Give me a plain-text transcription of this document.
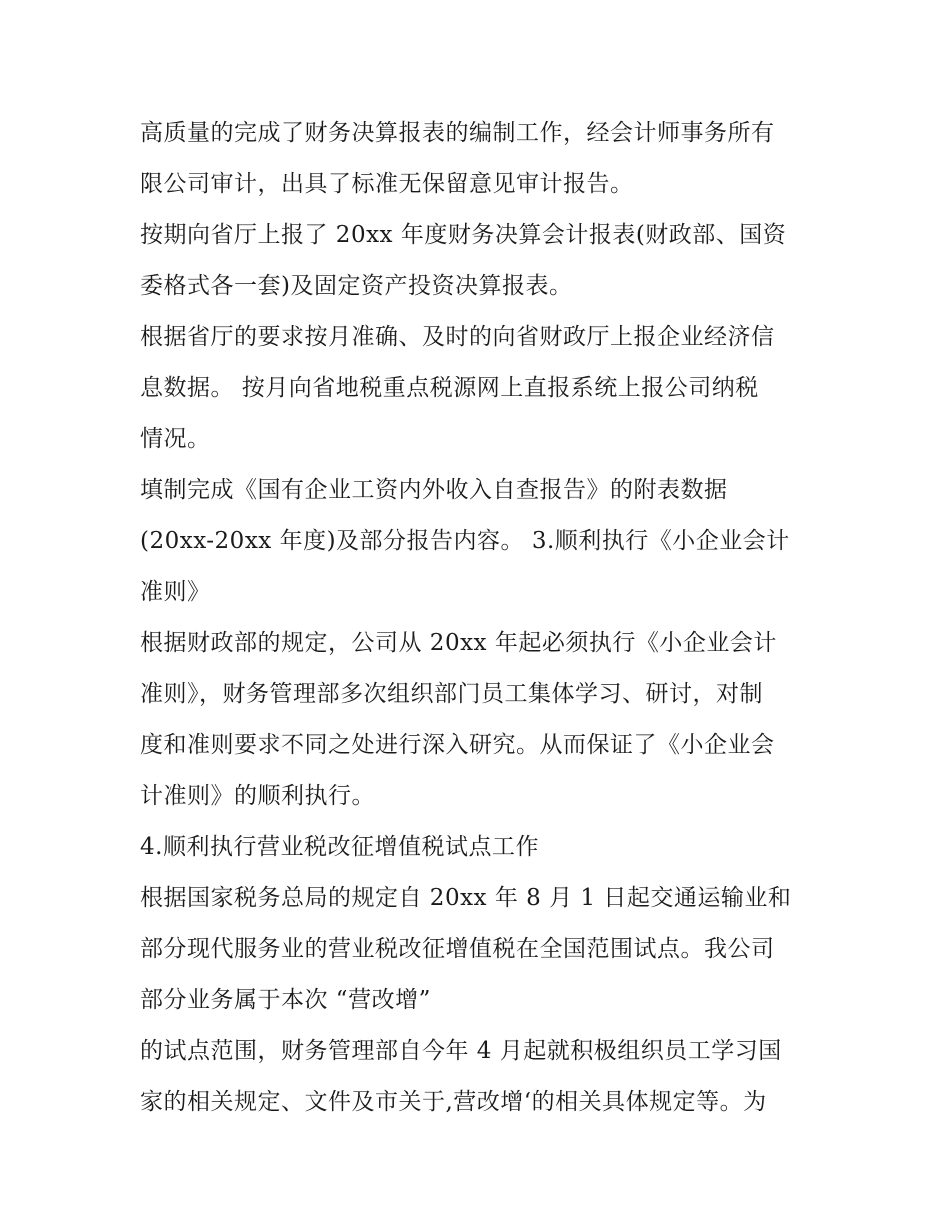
高质量的完成了财务决算报表的编制工作，经会计师事务所有
限公司审计，出具了标准无保留意见审计报告。
按期向省厅上报了 20xx 年度财务决算会计报表(财政部、国资
委格式各一套)及固定资产投资决算报表。
根据省厅的要求按月准确、及时的向省财政厅上报企业经济信
息数据。 按月向省地税重点税源网上直报系统上报公司纳税
情况。
填制完成《国有企业工资内外收入自查报告》的附表数据
(20xx-20xx 年度)及部分报告内容。 3.顺利执行《小企业会计
准则》
根据财政部的规定，公司从 20xx 年起必须执行《小企业会计
准则》，财务管理部多次组织部门员工集体学习、研讨，对制
度和准则要求不同之处进行深入研究。从而保证了《小企业会
计准则》的顺利执行。
4.顺利执行营业税改征增值税试点工作
根据国家税务总局的规定自 20xx 年 8 月 1 日起交通运输业和
部分现代服务业的营业税改征增值税在全国范围试点。我公司
部分业务属于本次 “营改增”
的试点范围，财务管理部自今年 4 月起就积极组织员工学习国
家的相关规定、文件及市关于,营改增‘的相关具体规定等。为
